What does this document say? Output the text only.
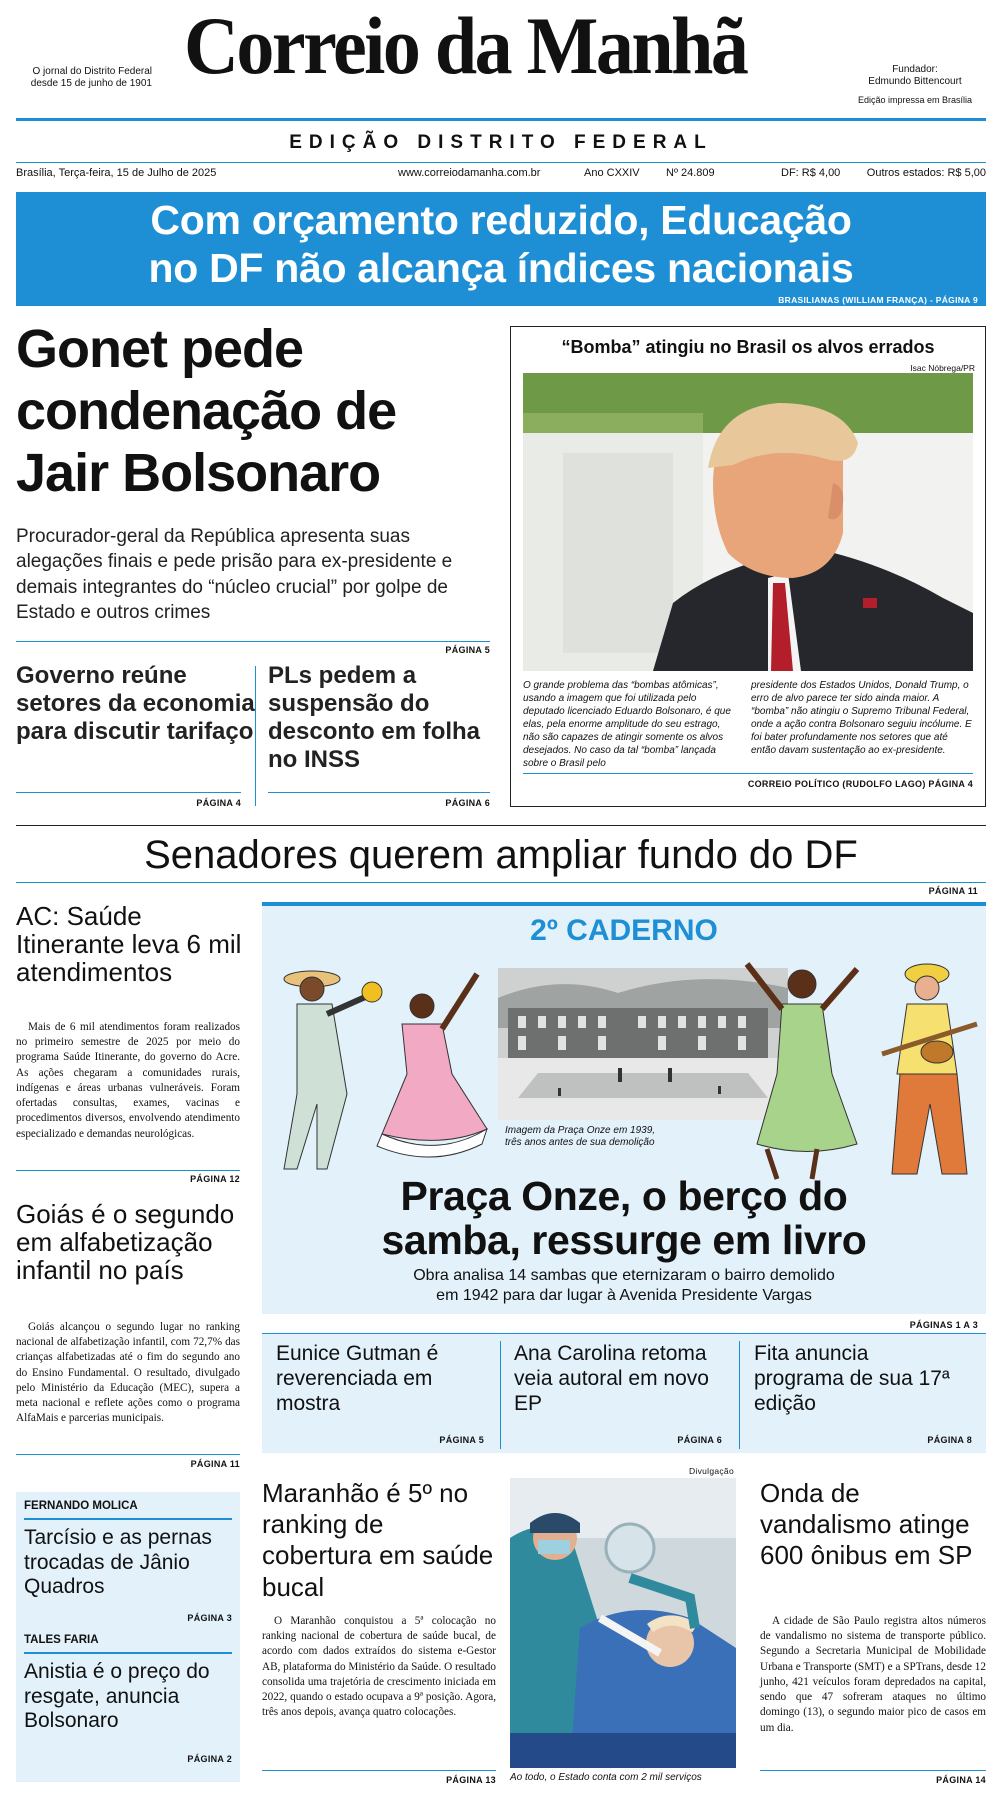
O jornal do Distrito Federal
desde 15 de junho de 1901 Correio da Manhã	Fundador:
Edmundo Bittencourt
Edição impressa em Brasília
EDIÇÃO DISTRITO FEDERAL
Brasília, Terça-feira, 15 de Julho de 2025	www.correiodamanha.com.br	Ano CXXIV Nº 24.809	DF: R$ 4,00 Outros estados: R$ 5,00
Com orçamento reduzido, Educação
no DF não alcança índices nacionais
BRASILIANAS (WILLIAM FRANÇA) - PÁGINA 9
Gonet pede
condenação de
Jair Bolsonaro
Procurador-geral da República apresenta suas alegações finais e pede prisão para ex-presidente e demais integrantes do “núcleo crucial” por golpe de Estado e outros crimes
PÁGINA 5
Governo reúne setores da economia para discutir tarifaço
PÁGINA 4
PLs pedem a suspensão do desconto em folha no INSS
PÁGINA 6
“Bomba” atingiu no Brasil os alvos errados
Isac Nóbrega/PR
O grande problema das “bombas atômicas”, usando a imagem que foi utilizada pelo deputado licenciado Eduardo Bolsonaro, é que elas, pela enorme amplitude do seu estrago, não são capazes de atingir somente os alvos desejados. No caso da tal “bomba” lançada sobre o Brasil pelo
presidente dos Estados Unidos, Donald Trump, o erro de alvo parece ter sido ainda maior. A “bomba” não atingiu o Supremo Tribunal Federal, onde a ação contra Bolsonaro seguiu incólume. E foi bater profundamente nos setores que até então davam sustentação ao ex-presidente.
CORREIO POLÍTICO (RUDOLFO LAGO) PÁGINA 4
Senadores querem ampliar fundo do DF
PÁGINA 11
AC: Saúde Itinerante leva 6 mil atendimentos
Mais de 6 mil atendimentos foram realizados no primeiro semestre de 2025 por meio do programa Saúde Itinerante, do governo do Acre. As ações chegaram a comunidades rurais, indígenas e áreas urbanas vulneráveis. Foram ofertadas consultas, exames, vacinas e procedimentos diversos, envolvendo atendimento especializado e demandas neurológicas.
PÁGINA 12
Goiás é o segundo em alfabetização infantil no país
Goiás alcançou o segundo lugar no ranking nacional de alfabetização infantil, com 72,7% das crianças alfabetizadas até o fim do segundo ano do Ensino Fundamental. O resultado, divulgado pelo Ministério da Educação (MEC), supera a meta nacional e reflete ações como o programa AlfaMais e parcerias municipais.
PÁGINA 11
2º CADERNO
Imagem da Praça Onze em 1939,
três anos antes de sua demolição
Praça Onze, o berço do
samba, ressurge em livro
Obra analisa 14 sambas que eternizaram o bairro demolido
em 1942 para dar lugar à Avenida Presidente Vargas
PÁGINAS 1 A 3
Eunice Gutman é reverenciada em mostra
PÁGINA 5
Ana Carolina retoma veia autoral em novo EP
PÁGINA 6
Fita anuncia programa de sua 17ª edição
PÁGINA 8
FERNANDO MOLICA
Tarcísio e as pernas trocadas de Jânio Quadros
PÁGINA 3
TALES FARIA
Anistia é o preço do resgate, anuncia Bolsonaro
PÁGINA 2
Maranhão é 5º no ranking de cobertura em saúde bucal
O Maranhão conquistou a 5ª colocação no ranking nacional de cobertura de saúde bucal, de acordo com dados extraídos do sistema e-Gestor AB, plataforma do Ministério da Saúde. O resultado consolida uma trajetória de crescimento iniciada em 2022, quando o estado ocupava a 9ª posição. Agora, três anos depois, avança quatro colocações.
PÁGINA 13
Divulgação
Ao todo, o Estado conta com 2 mil serviços
Onda de vandalismo atinge 600 ônibus em SP
A cidade de São Paulo registra altos números de vandalismo no sistema de transporte público. Segundo a Secretaria Municipal de Mobilidade Urbana e Transporte (SMT) e a SPTrans, desde 12 junho, 421 veículos foram depredados na capital, sendo que 47 sofreram ataques no último domingo (13), o segundo maior pico de casos em um dia.
PÁGINA 14
